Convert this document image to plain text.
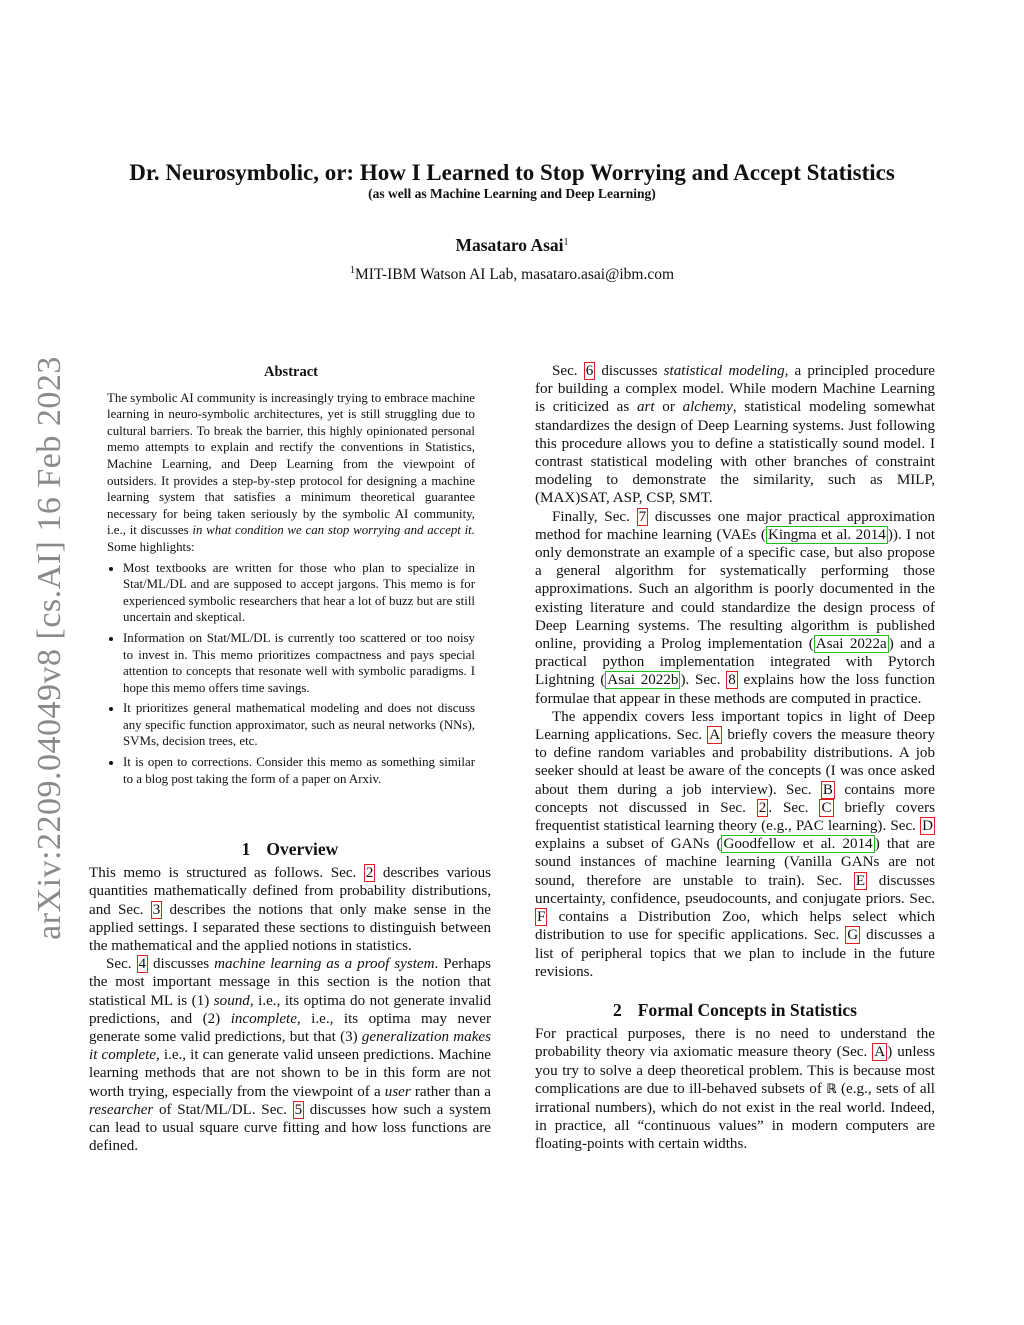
arXiv:2209.04049v8 [cs.AI] 16 Feb 2023
Dr. Neurosymbolic, or: How I Learned to Stop Worrying and Accept Statistics
(as well as Machine Learning and Deep Learning)
Masataro Asai$^1$
$^1$MIT-IBM Watson AI Lab, masataro.asai@ibm.com
Abstract

The symbolic AI community is increasingly trying to embrace machine learning in neuro-symbolic architectures, yet is still struggling due to cultural barriers. To break the barrier, this highly opinionated personal memo attempts to explain and rectify the conventions in Statistics, Machine Learning, and Deep Learning from the viewpoint of outsiders. It provides a step-by-step protocol for designing a machine learning system that satisfies a minimum theoretical guarantee necessary for being taken seriously by the symbolic AI community, i.e., it discusses in what condition we can stop worrying and accept it. Some highlights:

• Most textbooks are written for those who plan to specialize in Stat/ML/DL and are supposed to accept jargons. This memo is for experienced symbolic researchers that hear a lot of buzz but are still uncertain and skeptical.
• Information on Stat/ML/DL is currently too scattered or too noisy to invest in. This memo prioritizes compactness and pays special attention to concepts that resonate well with symbolic paradigms. I hope this memo offers time savings.
• It prioritizes general mathematical modeling and does not discuss any specific function approximator, such as neural networks (NNs), SVMs, decision trees, etc.
• It is open to corrections. Consider this memo as something similar to a blog post taking the form of a paper on Arxiv.
1 Overview

This memo is structured as follows. Sec. 2 describes various quantities mathematically defined from probability distributions, and Sec. 3 describes the notions that only make sense in the applied settings. I separated these sections to distinguish between the mathematical and the applied notions in statistics.

Sec. 4 discusses machine learning as a proof system. Perhaps the most important message in this section is the notion that statistical ML is (1) sound, i.e., its optima do not generate invalid predictions, and (2) incomplete, i.e., its optima may never generate some valid predictions, but that (3) generalization makes it complete, i.e., it can generate valid unseen predictions. Machine learning methods that are not shown to be in this form are not worth trying, especially from the viewpoint of a user rather than a researcher of Stat/ML/DL. Sec. 5 discusses how such a system can lead to usual square curve fitting and how loss functions are defined.

Sec. 6 discusses statistical modeling, a principled procedure for building a complex model. While modern Machine Learning is criticized as art or alchemy, statistical modeling somewhat standardizes the design of Deep Learning systems. Just following this procedure allows you to define a statistically sound model. I contrast statistical modeling with other branches of constraint modeling to demonstrate the similarity, such as MILP, (MAX)SAT, ASP, CSP, SMT.

Finally, Sec. 7 discusses one major practical approximation method for machine learning (VAEs ( Kingma et al. 2014 )). I not only demonstrate an example of a specific case, but also propose a general algorithm for systematically performing those approximations. Such an algorithm is poorly documented in the existing literature and could standardize the design process of Deep Learning systems. The resulting algorithm is published online, providing a Prolog implementation ( Asai 2022a ) and a practical python implementation integrated with Pytorch Lightning ( Asai 2022b ). Sec. 8 explains how the loss function formulae that appear in these methods are computed in practice.

The appendix covers less important topics in light of Deep Learning applications. Sec. A briefly covers the measure theory to define random variables and probability distributions. A job seeker should at least be aware of the concepts (I was once asked about them during a job interview). Sec. B contains more concepts not discussed in Sec. 2 . Sec. C briefly covers frequentist statistical learning theory (e.g., PAC learning). Sec. D explains a subset of GANs ( Goodfellow et al. 2014 ) that are sound instances of machine learning (Vanilla GANs are not sound, therefore are unstable to train). Sec. E discusses uncertainty, confidence, pseudocounts, and conjugate priors. Sec. F contains a Distribution Zoo, which helps select which distribution to use for specific applications. Sec. G discusses a list of peripheral topics that we plan to include in the future revisions.

2 Formal Concepts in Statistics

For practical purposes, there is no need to understand the probability theory via axiomatic measure theory (Sec. A ) unless you try to solve a deep theoretical problem. This is because most complications are due to ill-behaved subsets of ℝ (e.g., sets of all irrational numbers), which do not exist in the real world. Indeed, in practice, all “continuous values” in modern computers are floating-points with certain widths.
